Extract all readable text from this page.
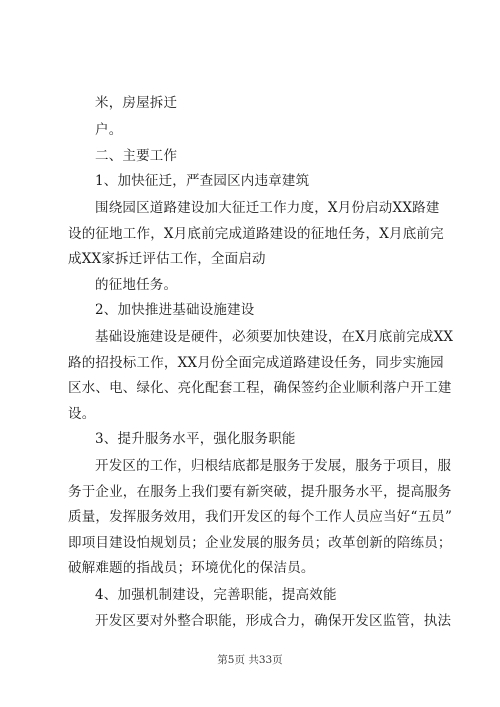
米，房屋拆迁
户。
二、主要工作
1、加快征迁，严查园区内违章建筑
围绕园区道路建设加大征迁工作力度，X月份启动XX路建
设的征地工作，X月底前完成道路建设的征地任务，X月底前完
成XX家拆迁评估工作，全面启动
的征地任务。
2、加快推进基础设施建设
基础设施建设是硬件，必须要加快建设，在X月底前完成XX
路的招投标工作，XX月份全面完成道路建设任务，同步实施园
区水、电、绿化、亮化配套工程，确保签约企业顺利落户开工建
设。
3、提升服务水平，强化服务职能
开发区的工作，归根结底都是服务于发展，服务于项目，服
务于企业，在服务上我们要有新突破，提升服务水平，提高服务
质量，发挥服务效用，我们开发区的每个工作人员应当好“五员”
即项目建设怕规划员；企业发展的服务员；改革创新的陪练员；
破解难题的指战员；环境优化的保洁员。
4、加强机制建设，完善职能，提高效能
开发区要对外整合职能，形成合力，确保开发区监管，执法
第5页 共33页
